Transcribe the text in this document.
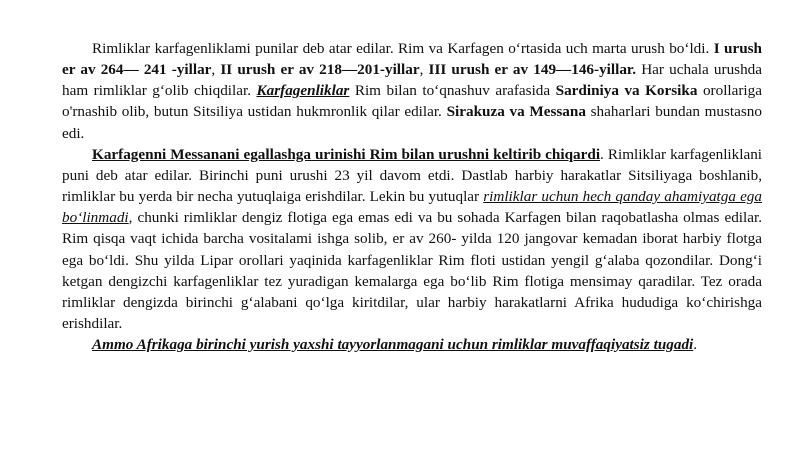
Rimliklar karfagenliklami punilar deb atar edilar. Rim va Karfagen oʻrtasida uch marta urush boʻldi. I urush er av 264— 241 -yillar, II urush er av 218—201-yillar, III urush er av 149—146-yillar. Har uchala urushda ham rimliklar gʻolib chiqdilar. Karfagenliklar Rim bilan toʻqnashuv arafasida Sardiniya va Korsika orollariga o'rnashib olib, butun Sitsiliya ustidan hukmronlik qilar edilar. Sirakuza va Messana shaharlari bundan mustasno edi.

Karfagenni Messanani egallashga urinishi Rim bilan urushni keltirib chiqardi. Rimliklar karfagenliklani puni deb atar edilar. Birinchi puni urushi 23 yil davom etdi. Dastlab harbiy harakatlar Sitsiliyaga boshlanib, rimliklar bu yerda bir necha yutuqlaiga erishdilar. Lekin bu yutuqlar rimliklar uchun hech qanday ahamiyatga ega boʻlinmadi, chunki rimliklar dengiz flotiga ega emas edi va bu sohada Karfagen bilan raqobatlasha olmas edilar. Rim qisqa vaqt ichida barcha vositalami ishga solib, er av 260- yilda 120 jangovar kemadan iborat harbiy flotga ega boʻldi. Shu yilda Lipar orollari yaqinida karfagenliklar Rim floti ustidan yengil gʻalaba qozondilar. Dongʻi ketgan dengizchi karfagenliklar tez yuradigan kemalarga ega boʻlib Rim flotiga mensimay qaradilar. Tez orada rimliklar dengizda birinchi gʻalabani qoʻlga kiritdilar, ular harbiy harakatlarni Afrika hududiga koʻchirishga erishdilar.

Ammo Afrikaga birinchi yurish yaxshi tayyorlanmagani uchun rimliklar muvaffaqiyatsiz tugadi.
